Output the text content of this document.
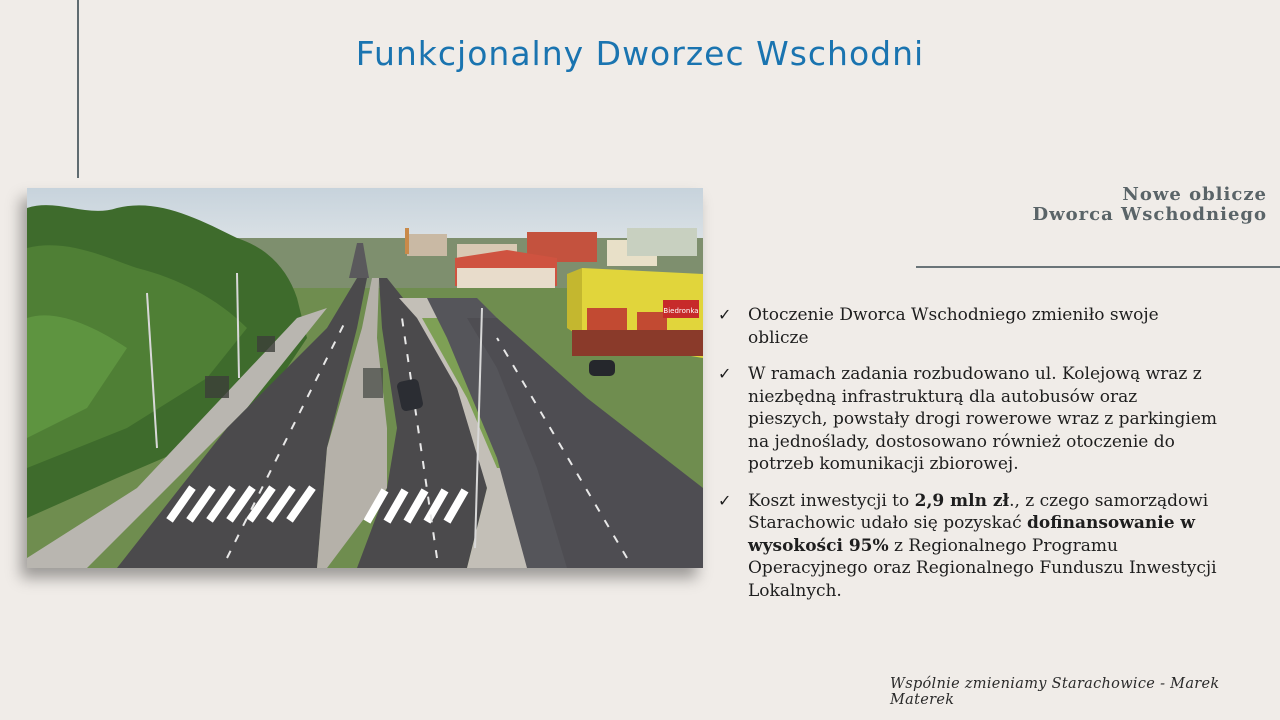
Funkcjonalny Dworzec Wschodni
Nowe oblicze
Dworca Wschodniego
Biedronka ✓ Otoczenie Dworca Wschodniego zmieniło swoje oblicze
✓ W ramach zadania rozbudowano ul. Kolejową wraz z niezbędną infrastrukturą dla autobusów oraz pieszych, powstały drogi rowerowe wraz z parkingiem na jednoślady, dostosowano również otoczenie do potrzeb komunikacji zbiorowej.
✓ Koszt inwestycji to 2,9 mln zł., z czego samorządowi Starachowic udało się pozyskać dofinansowanie w wysokości 95% z Regionalnego Programu Operacyjnego oraz Regionalnego Funduszu Inwestycji Lokalnych.
Wspólnie zmieniamy Starachowice - Marek Materek
